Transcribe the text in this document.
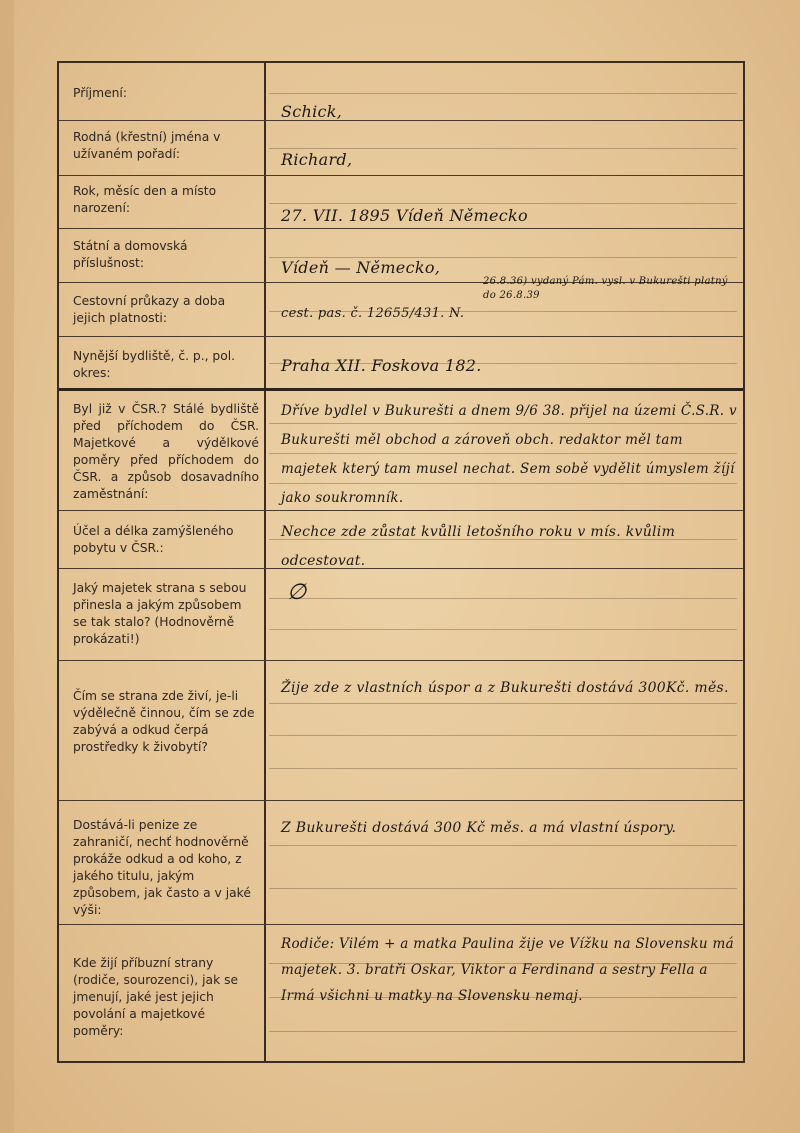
Příjmení:
Schick,
Rodná (křestní) jména v užívaném pořadí:	Richard,
Rok, měsíc den a místo narození:	27. VII. 1895 Vídeň Německo
Státní a domovská příslušnost:	Vídeň — Německo,
Cestovní průkazy a doba jejich platnosti:	cest. pas. č. 12655/431. N.
26.8.36) vydaný Pám. vysl. v Bukurešti platný do 26.8.39
Nynější bydliště, č. p., pol. okres:	Praha XII. Foskova 182.
Byl již v ČSR.? Stálé bydliště před příchodem do ČSR. Majetkové a výdělkové poměry před příchodem do ČSR. a způsob dosavadního zaměstnání:
Dříve bydlel v Bukurešti a dnem 9/6 38. přijel na územi Č.S.R. v Bukurešti měl obchod a zároveň obch. redaktor měl tam majetek který tam musel nechat. Sem sobě vydělit úmyslem žíjí jako soukromník.
Účel a délka zamýšleného pobytu v ČSR.:
Nechce zde zůstat kvůlli letošního roku v mís. kvůlim odcestovat.
Jaký majetek strana s sebou přinesla a jakým způsobem se tak stalo? (Hodnověrně prokázati!)
∅
Čím se strana zde živí, je-li výdělečně činnou, čím se zde zabývá a odkud čerpá prostředky k živobytí?
Žije zde z vlastních úspor a z Bukurešti dostává 300Kč. měs.
Dostává-li penize ze zahraničí, nechť hodnověrně prokáže odkud a od koho, z jakého titulu, jakým způsobem, jak často a v jaké výši:
Z Bukurešti dostává 300 Kč měs. a má vlastní úspory.
Kde žijí příbuzní strany (rodiče, sourozenci), jak se jmenují, jaké jest jejich povolání a majetkové poměry:
Rodiče: Vilém + a matka Paulina žije ve Vížku na Slovensku má majetek. 3. bratři Oskar, Viktor a Ferdinand a sestry Fella a Irmá všichni u matky na Slovensku nemaj.
